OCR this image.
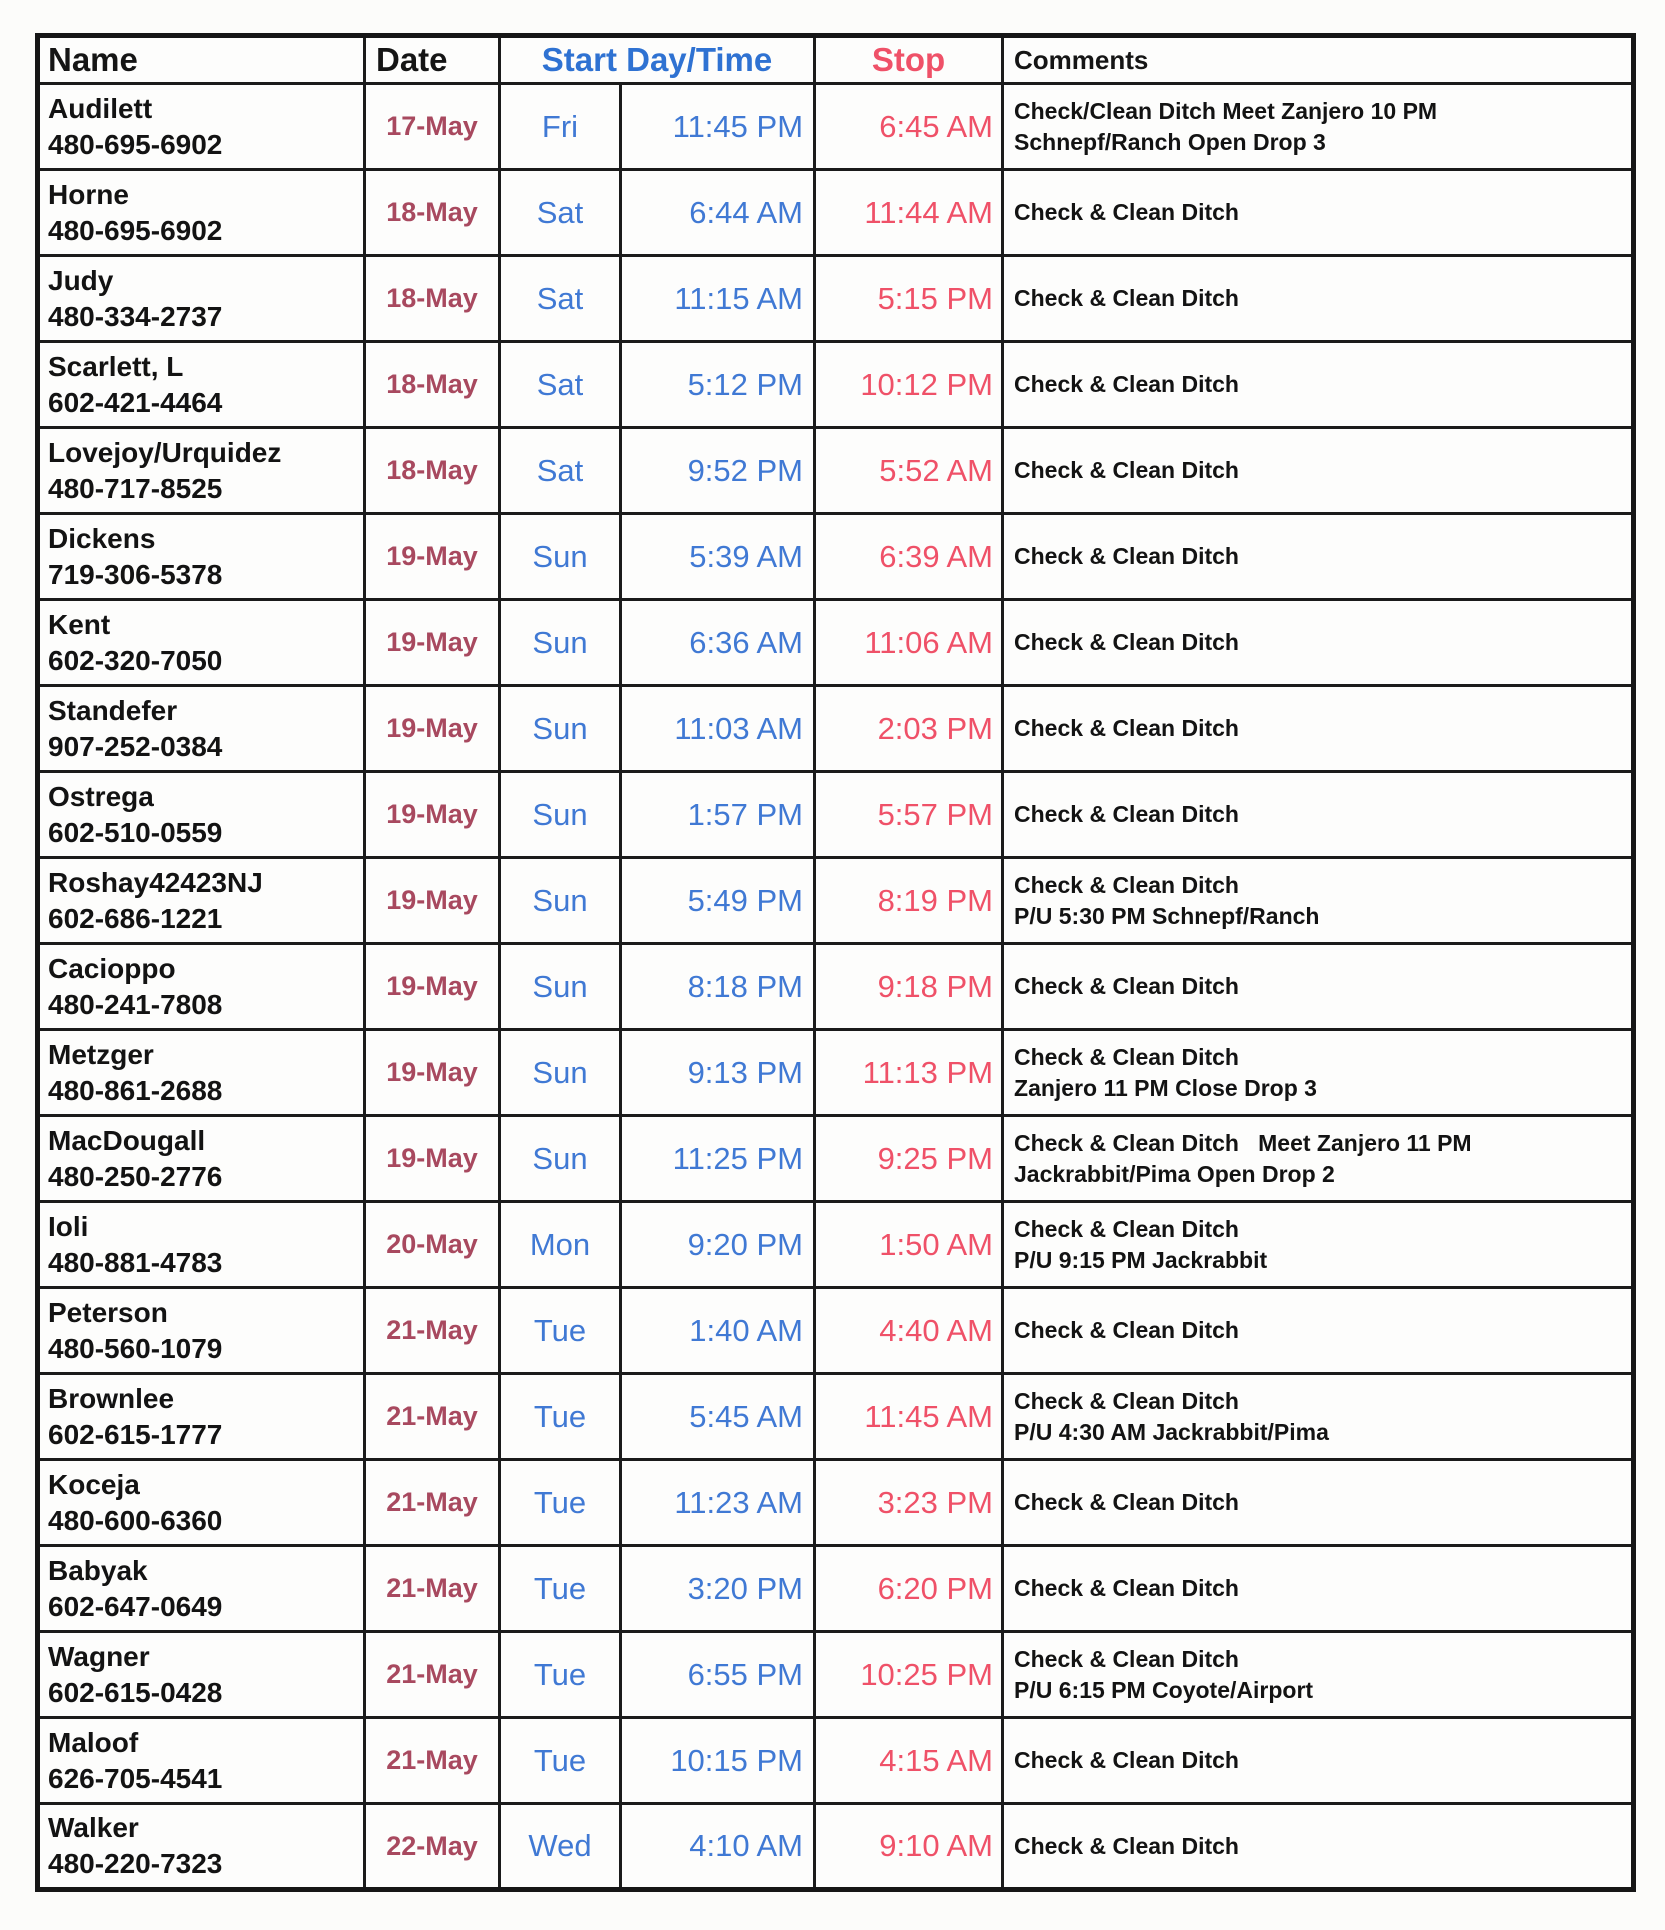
Name	Date	Start Day/Time		Stop	Comments

Audilett
480-695-6902
	17-May	Fri	11:45 PM	6:45 AM	Check/Clean Ditch Meet Zanjero 10 PM
Schnepf/Ranch Open Drop 3

Horne
480-695-6902	18-May	Sat	6:44 AM	11:44 AM	Check & Clean Ditch

Judy
480-334-2737	18-May	Sat	11:15 AM	5:15 PM	Check & Clean Ditch

Scarlett, L
602-421-4464	18-May	Sat	5:12 PM	10:12 PM	Check & Clean Ditch

Lovejoy/Urquidez
480-717-8525	18-May	Sat	9:52 PM	5:52 AM	Check & Clean Ditch

Dickens
719-306-5378	19-May	Sun	5:39 AM	6:39 AM	Check & Clean Ditch

Kent
602-320-7050	19-May	Sun	6:36 AM	11:06 AM	Check & Clean Ditch

Standefer
907-252-0384	19-May	Sun	11:03 AM	2:03 PM	Check & Clean Ditch

Ostrega
602-510-0559	19-May	Sun	1:57 PM	5:57 PM	Check & Clean Ditch

Roshay42423NJ
602-686-1221
	19-May	Sun	5:49 PM	8:19 PM	Check & Clean Ditch
P/U 5:30 PM Schnepf/Ranch

Cacioppo
480-241-7808	19-May	Sun	8:18 PM	9:18 PM	Check & Clean Ditch

Metzger
480-861-2688
	19-May	Sun	9:13 PM	11:13 PM	Check & Clean Ditch
Zanjero 11 PM Close Drop 3

MacDougall
480-250-2776
	19-May	Sun	11:25 PM	9:25 PM	Check & Clean Ditch   Meet Zanjero 11 PM
Jackrabbit/Pima Open Drop 2

Ioli
480-881-4783
	20-May	Mon	9:20 PM	1:50 AM	Check & Clean Ditch
P/U 9:15 PM Jackrabbit

Peterson
480-560-1079	21-May	Tue	1:40 AM	4:40 AM	Check & Clean Ditch

Brownlee
602-615-1777
	21-May	Tue	5:45 AM	11:45 AM	Check & Clean Ditch
P/U 4:30 AM Jackrabbit/Pima

Koceja
480-600-6360	21-May	Tue	11:23 AM	3:23 PM	Check & Clean Ditch

Babyak
602-647-0649	21-May	Tue	3:20 PM	6:20 PM	Check & Clean Ditch

Wagner
602-615-0428
	21-May	Tue	6:55 PM	10:25 PM	Check & Clean Ditch
P/U 6:15 PM Coyote/Airport

Maloof
626-705-4541	21-May	Tue	10:15 PM	4:15 AM	Check & Clean Ditch

Walker
480-220-7323	22-May	Wed	4:10 AM	9:10 AM	Check & Clean Ditch
